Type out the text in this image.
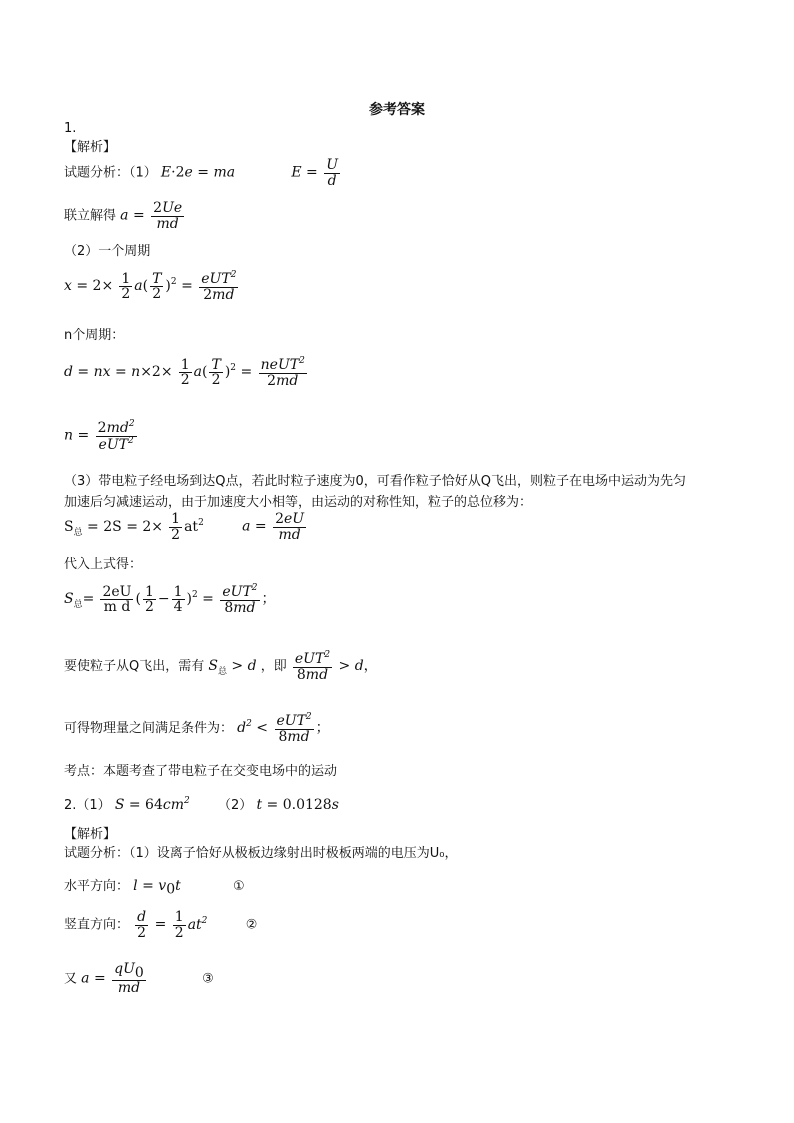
参考答案
1.
【解析】
试题分析：（1） E·2e = ma	$E = \frac{U}{d}$
联立解得 $a = \frac{2Ue}{md}$
（2）一个周期
$x = 2\times \frac{1}{2} a( \frac{T}{2} )^2 = \frac{eUT^2}{2md}$
n个周期：
d = nx = $n\times 2\times \frac{1}{2} a( \frac{T}{2} )^2 = \frac{neUT^2}{2md}$
$n = \frac{2md^2}{eUT^2}$
（3）带电粒子经电场到达Q点，若此时粒子速度为0，可看作粒子恰好从Q飞出，则粒子在电场中运动为先匀
加速后匀减速运动，由于加速度大小相等，由运动的对称性知，粒子的总位移为：
$S_总 = 2S = 2\times \frac{1}{2} at^2$	$a = \frac{2eU}{md}$
代入上式得：
$S_总= \frac{2eU}{\text{m d}}$ ( $\frac{1}{2} - \frac{1}{4} )^2 = \frac{eUT^2}{8md}$ ；
要使粒子从Q飞出，需有 $S_总 > d$ ，即 $\frac{eUT^2}{8md} > d$，
可得物理量之间满足条件为： $d^2 < \frac{eUT^2}{8md}$ ；
考点：本题考查了带电粒子在交变电场中的运动
2.（1） $S = 64cm^2$ （2） t = 0.0128s
【解析】
试题分析：（1）设离子恰好从极板边缘射出时极板两端的电压为U₀，
水平方向： $l = v_0t$	①
竖直方向： $\frac{d}{2} = \frac{1}{2} at^2$	②
又 $a = \frac{qU_0}{md}$	③
